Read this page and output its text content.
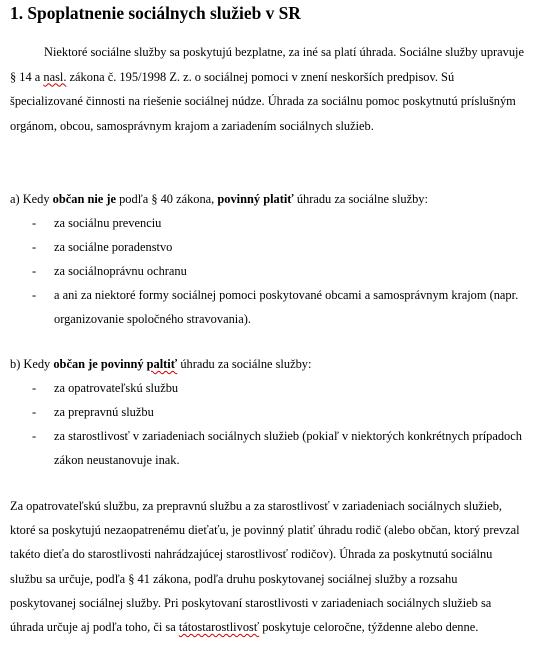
1. Spoplatnenie sociálnych služieb v SR

Niektoré sociálne služby sa poskytujú bezplatne, za iné sa platí úhrada. Sociálne služby upravuje § 14 a nasl. zákona č. 195/1998 Z. z. o sociálnej pomoci v znení neskorších predpisov. Sú špecializované činnosti na riešenie sociálnej núdze. Úhrada za sociálnu pomoc poskytnutú príslušným orgánom, obcou, samosprávnym krajom a zariadením sociálnych služieb.

a) Kedy občan nie je podľa § 40 zákona, povinný platiť úhradu za sociálne služby:
- za sociálnu prevenciu
- za sociálne poradenstvo
- za sociálnoprávnu ochranu
- a ani za niektoré formy sociálnej pomoci poskytované obcami a samosprávnym krajom (napr. organizovanie spoločného stravovania).
b) Kedy občan je povinný paltiť úhradu za sociálne služby:
- za opatrovateľskú službu
- za prepravnú službu
- za starostlivosť v zariadeniach sociálnych služieb (pokiaľ v niektorých konkrétnych prípadoch zákon neustanovuje inak.

Za opatrovateľskú službu, za prepravnú službu a za starostlivosť v zariadeniach sociálnych služieb, ktoré sa poskytujú nezaopatrenému dieťaťu, je povinný platiť úhradu rodič (alebo občan, ktorý prevzal takéto dieťa do starostlivosti nahrádzajúcej starostlivosť rodičov). Úhrada za poskytnutú sociálnu službu sa určuje, podľa § 41 zákona, podľa druhu poskytovanej sociálnej služby a rozsahu poskytovanej sociálnej služby. Pri poskytovaní starostlivosti v zariadeniach sociálnych služieb sa úhrada určuje aj podľa toho, či sa tátostarostlivosť poskytuje celoročne, týždenne alebo denne.
